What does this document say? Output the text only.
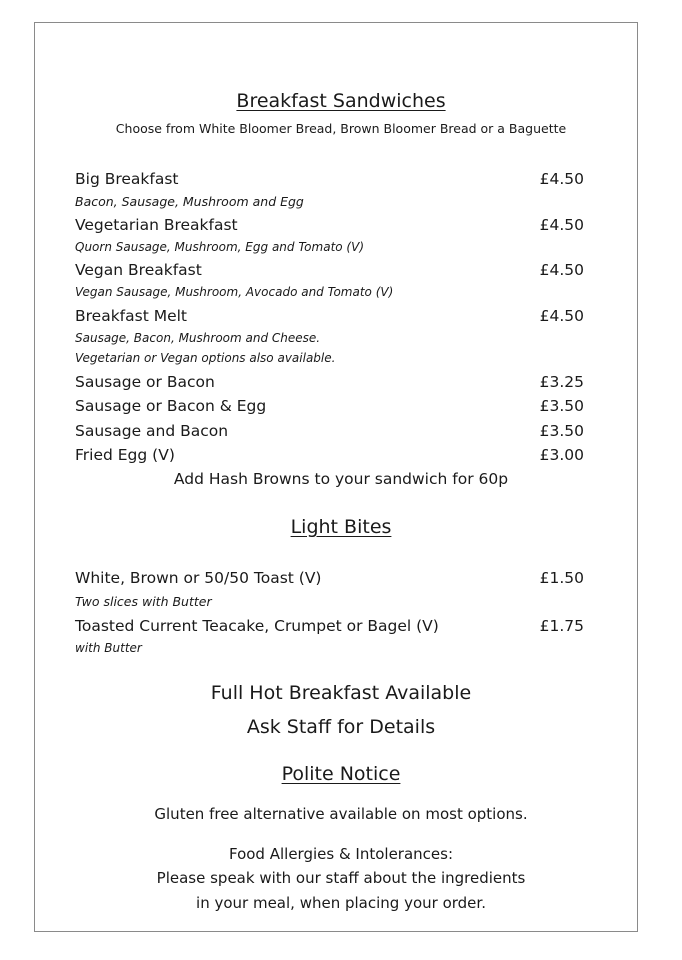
Breakfast Sandwiches
Choose from White Bloomer Bread, Brown Bloomer Bread or a Baguette
Big Breakfast	£4.50
Bacon, Sausage, Mushroom and Egg
Vegetarian Breakfast	£4.50
Quorn Sausage, Mushroom, Egg and Tomato (V)
Vegan Breakfast	£4.50
Vegan Sausage, Mushroom, Avocado and Tomato (V)
Breakfast Melt	£4.50
Sausage, Bacon, Mushroom and Cheese.
Vegetarian or Vegan options also available.
Sausage or Bacon	£3.25
Sausage or Bacon & Egg	£3.50
Sausage and Bacon	£3.50
Fried Egg (V)	£3.00
Add Hash Browns to your sandwich for 60p
Light Bites
White, Brown or 50/50 Toast (V)	£1.50
Two slices with Butter
Toasted Current Teacake, Crumpet or Bagel (V)	£1.75
with Butter
Full Hot Breakfast Available
Ask Staff for Details
Polite Notice
Gluten free alternative available on most options.
Food Allergies & Intolerances:
Please speak with our staff about the ingredients
in your meal, when placing your order.
